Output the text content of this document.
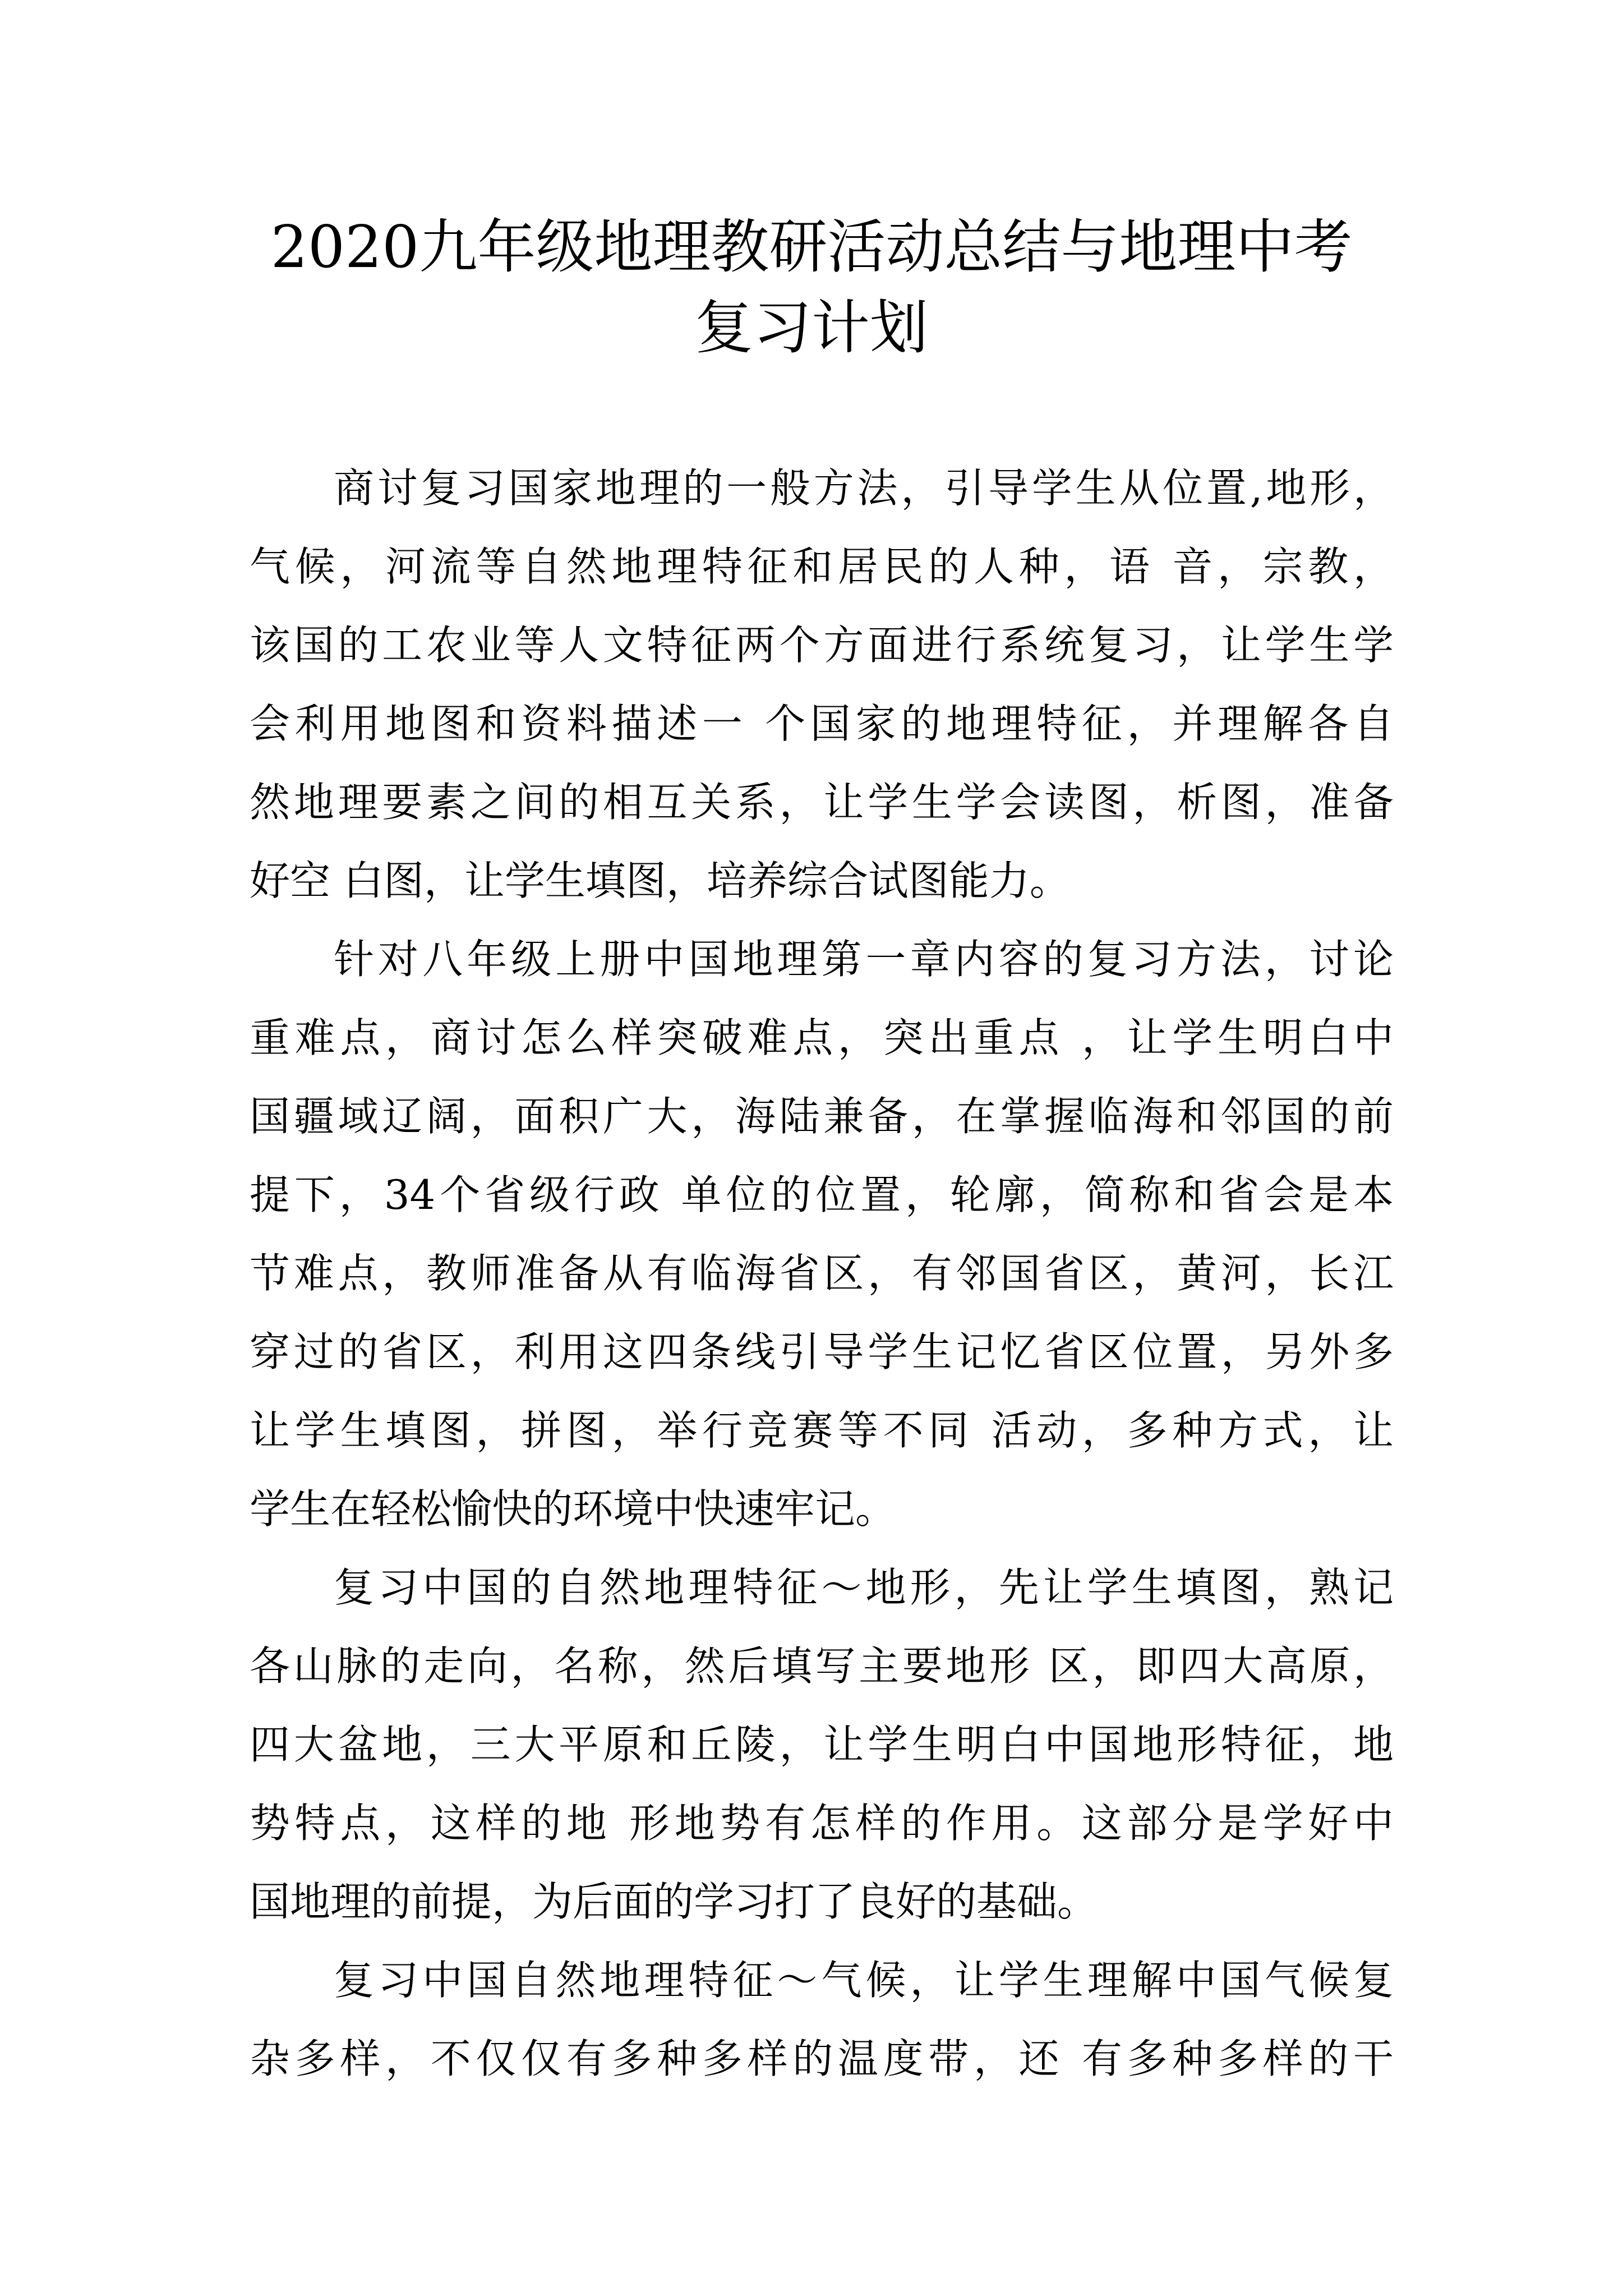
2020九年级地理教研活动总结与地理中考
复习计划
商讨复习国家地理的一般方法，引导学生从位置,地形，
气候，河流等自然地理特征和居民的人种，语 音，宗教，
该国的工农业等人文特征两个方面进行系统复习，让学生学
会利用地图和资料描述一 个国家的地理特征，并理解各自
然地理要素之间的相互关系，让学生学会读图，析图，准备
好空 白图，让学生填图，培养综合试图能力。
针对八年级上册中国地理第一章内容的复习方法，讨论
重难点，商讨怎么样突破难点，突出重点 ，让学生明白中
国疆域辽阔，面积广大，海陆兼备，在掌握临海和邻国的前
提下，34个省级行政 单位的位置，轮廓，简称和省会是本
节难点，教师准备从有临海省区，有邻国省区，黄河，长江
穿过的省区，利用这四条线引导学生记忆省区位置，另外多
让学生填图，拼图，举行竞赛等不同 活动，多种方式，让
学生在轻松愉快的环境中快速牢记。
复习中国的自然地理特征～地形，先让学生填图，熟记
各山脉的走向，名称，然后填写主要地形 区，即四大高原，
四大盆地，三大平原和丘陵，让学生明白中国地形特征，地
势特点，这样的地 形地势有怎样的作用。这部分是学好中
国地理的前提，为后面的学习打了良好的基础。
复习中国自然地理特征～气候，让学生理解中国气候复
杂多样，不仅仅有多种多样的温度带，还 有多种多样的干
